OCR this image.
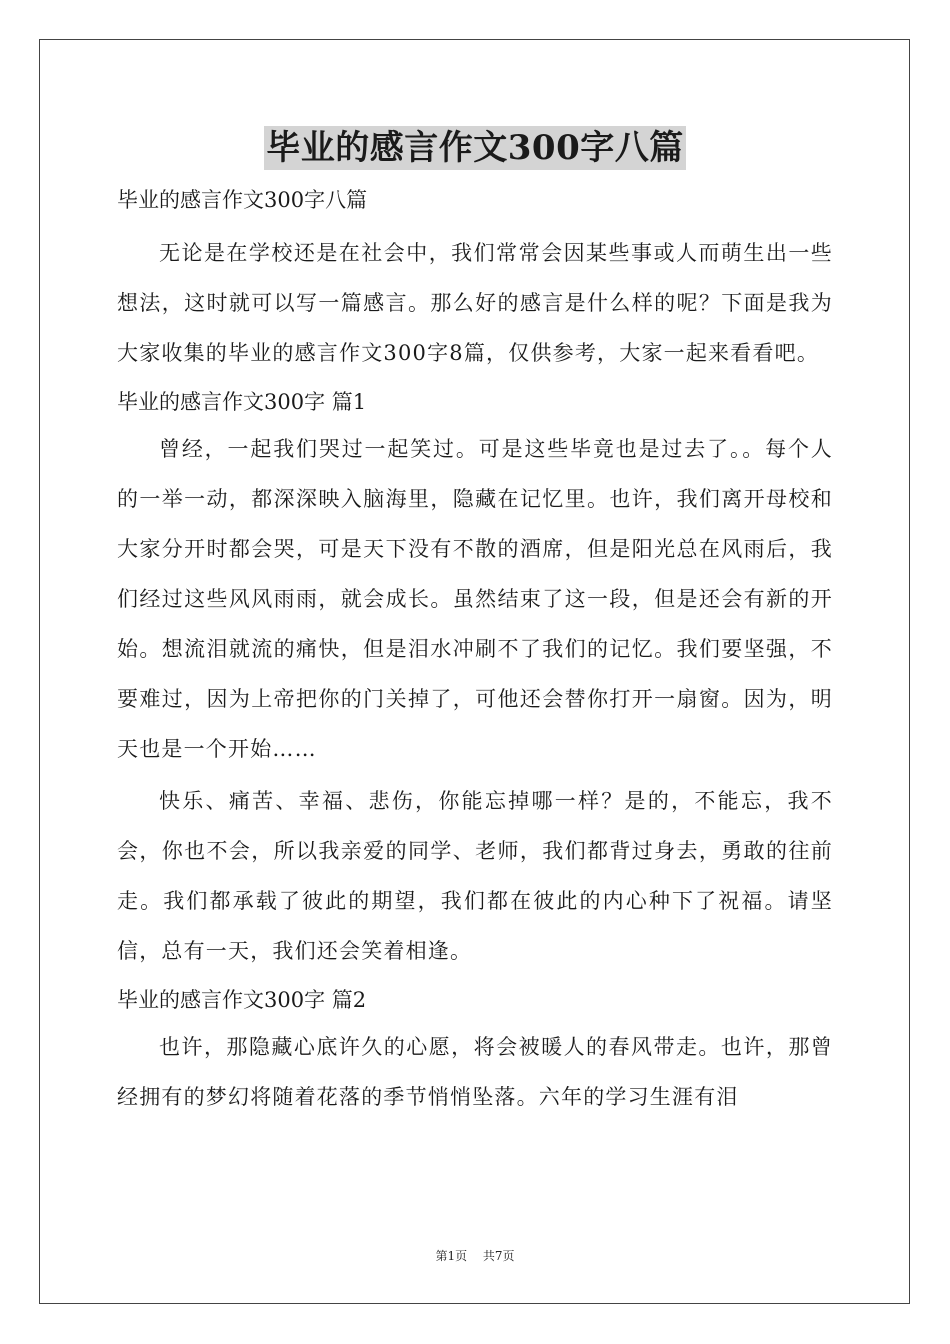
毕业的感言作文300字八篇

毕业的感言作文300字八篇

无论是在学校还是在社会中，我们常常会因某些事或人而萌生出一些想法，这时就可以写一篇感言。那么好的感言是什么样的呢？下面是我为大家收集的毕业的感言作文300字8篇，仅供参考，大家一起来看看吧。

毕业的感言作文300字 篇1

曾经，一起我们哭过一起笑过。可是这些毕竟也是过去了。。每个人的一举一动，都深深映入脑海里，隐藏在记忆里。也许，我们离开母校和大家分开时都会哭，可是天下没有不散的酒席，但是阳光总在风雨后，我们经过这些风风雨雨，就会成长。虽然结束了这一段，但是还会有新的开始。想流泪就流的痛快，但是泪水冲刷不了我们的记忆。我们要坚强，不要难过，因为上帝把你的门关掉了，可他还会替你打开一扇窗。因为，明天也是一个开始……

快乐、痛苦、幸福、悲伤，你能忘掉哪一样？是的，不能忘，我不会，你也不会，所以我亲爱的同学、老师，我们都背过身去，勇敢的往前走。我们都承载了彼此的期望，我们都在彼此的内心种下了祝福。请坚信，总有一天，我们还会笑着相逢。

毕业的感言作文300字 篇2

也许，那隐藏心底许久的心愿，将会被暖人的春风带走。也许，那曾经拥有的梦幻将随着花落的季节悄悄坠落。六年的学习生涯有泪

第1页 共7页
